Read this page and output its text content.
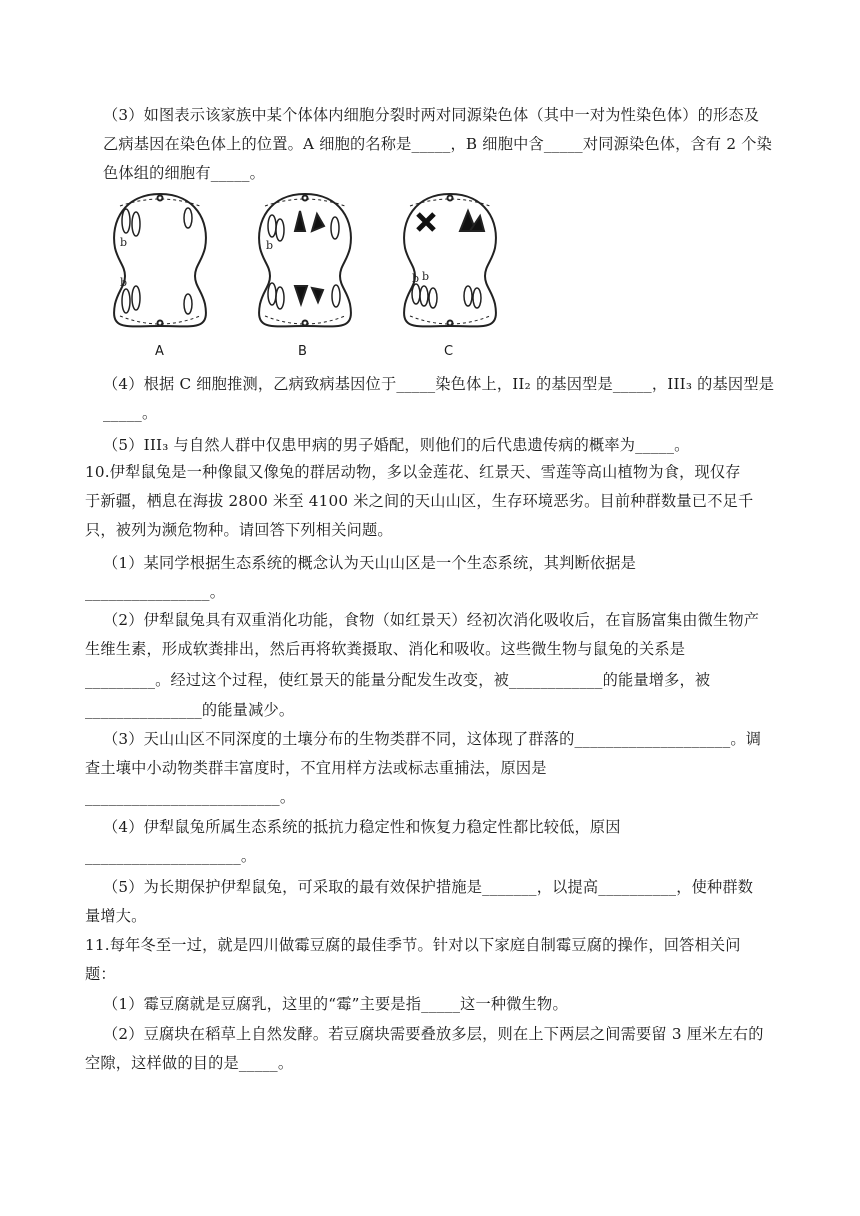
（3）如图表示该家族中某个体体内细胞分裂时两对同源染色体（其中一对为性染色体）的形态及
乙病基因在染色体上的位置。A 细胞的名称是_____，B 细胞中含_____对同源染色体，含有 2 个染
色体组的细胞有_____。
b
b
b
b b
A	B	C
（4）根据 C 细胞推测，乙病致病基因位于_____染色体上，II₂ 的基因型是_____，III₃ 的基因型是
_____。
（5）III₃ 与自然人群中仅患甲病的男子婚配，则他们的后代患遗传病的概率为_____。
10.伊犁鼠兔是一种像鼠又像兔的群居动物，多以金莲花、红景天、雪莲等高山植物为食，现仅存
于新疆，栖息在海拔 2800 米至 4100 米之间的天山山区，生存环境恶劣。目前种群数量已不足千
只，被列为濒危物种。请回答下列相关问题。
（1）某同学根据生态系统的概念认为天山山区是一个生态系统，其判断依据是
________________。
（2）伊犁鼠兔具有双重消化功能，食物（如红景天）经初次消化吸收后，在盲肠富集由微生物产
生维生素，形成软粪排出，然后再将软粪摄取、消化和吸收。这些微生物与鼠兔的关系是
_________。经过这个过程，使红景天的能量分配发生改变，被____________的能量增多，被
_______________的能量减少。
（3）天山山区不同深度的土壤分布的生物类群不同，这体现了群落的____________________。调
查土壤中小动物类群丰富度时，不宜用样方法或标志重捕法，原因是
_________________________。
（4）伊犁鼠兔所属生态系统的抵抗力稳定性和恢复力稳定性都比较低，原因
____________________。
（5）为长期保护伊犁鼠兔，可采取的最有效保护措施是_______，以提高__________，使种群数
量增大。
11.每年冬至一过，就是四川做霉豆腐的最佳季节。针对以下家庭自制霉豆腐的操作，回答相关问
题：
（1）霉豆腐就是豆腐乳，这里的“霉”主要是指_____这一种微生物。
（2）豆腐块在稻草上自然发酵。若豆腐块需要叠放多层，则在上下两层之间需要留 3 厘米左右的
空隙，这样做的目的是_____。
